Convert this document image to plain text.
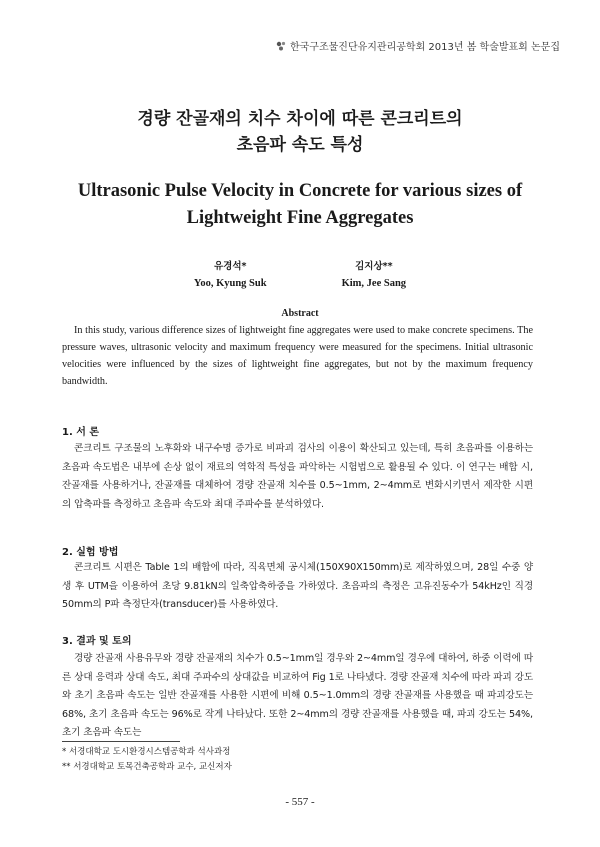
한국구조물진단유지관리공학회 2013년 봄 학술발표회 논문집
경량 잔골재의 치수 차이에 따른 콘크리트의
초음파 속도 특성
Ultrasonic Pulse Velocity in Concrete for various sizes of
Lightweight Fine Aggregates
유경석*
Yoo, Kyung Suk
김지상**
Kim, Jee Sang
Abstract
In this study, various difference sizes of lightweight fine aggregates were used to make concrete specimens. The pressure waves, ultrasonic velocity and maximum frequency were measured for the specimens. Initial ultrasonic velocities were influenced by the sizes of lightweight fine aggregates, but not by the maximum frequency bandwidth.
1. 서 론
콘크리트 구조물의 노후화와 내구수명 증가로 비파괴 검사의 이용이 확산되고 있는데, 특히 초음파를 이용하는 초음파 속도법은 내부에 손상 없이 재료의 역학적 특성을 파악하는 시험법으로 활용될 수 있다. 이 연구는 배합 시, 잔골재를 사용하거나, 잔골재를 대체하여 경량 잔골재 치수를 0.5~1mm, 2~4mm로 변화시키면서 제작한 시편의 압축파를 측정하고 초음파 속도와 최대 주파수를 분석하였다.
2. 실험 방법
콘크리트 시편은 Table 1의 배합에 따라, 직육면체 공시체(150X90X150mm)로 제작하였으며, 28일 수중 양생 후 UTM을 이용하여 초당 9.81kN의 일축압축하중을 가하였다. 초음파의 측정은 고유진동수가 54kHz인 직경 50mm의 P파 측정단자(transducer)를 사용하였다.
3. 결과 및 토의
경량 잔골재 사용유무와 경량 잔골재의 치수가 0.5~1mm일 경우와 2~4mm일 경우에 대하여, 하중 이력에 따른 상대 응력과 상대 속도, 최대 주파수의 상대값을 비교하여 Fig 1로 나타냈다. 경량 잔골재 치수에 따라 파괴 강도와 초기 초음파 속도는 일반 잔골재를 사용한 시편에 비해 0.5~1.0mm의 경량 잔골재를 사용했을 때 파괴강도는 68%, 초기 초음파 속도는 96%로 작게 나타났다. 또한 2~4mm의 경량 잔골재를 사용했을 때, 파괴 강도는 54%, 초기 초음파 속도는
* 서경대학교 도시환경시스템공학과 석사과정
** 서경대학교 토목건축공학과 교수, 교신저자
- 557 -
